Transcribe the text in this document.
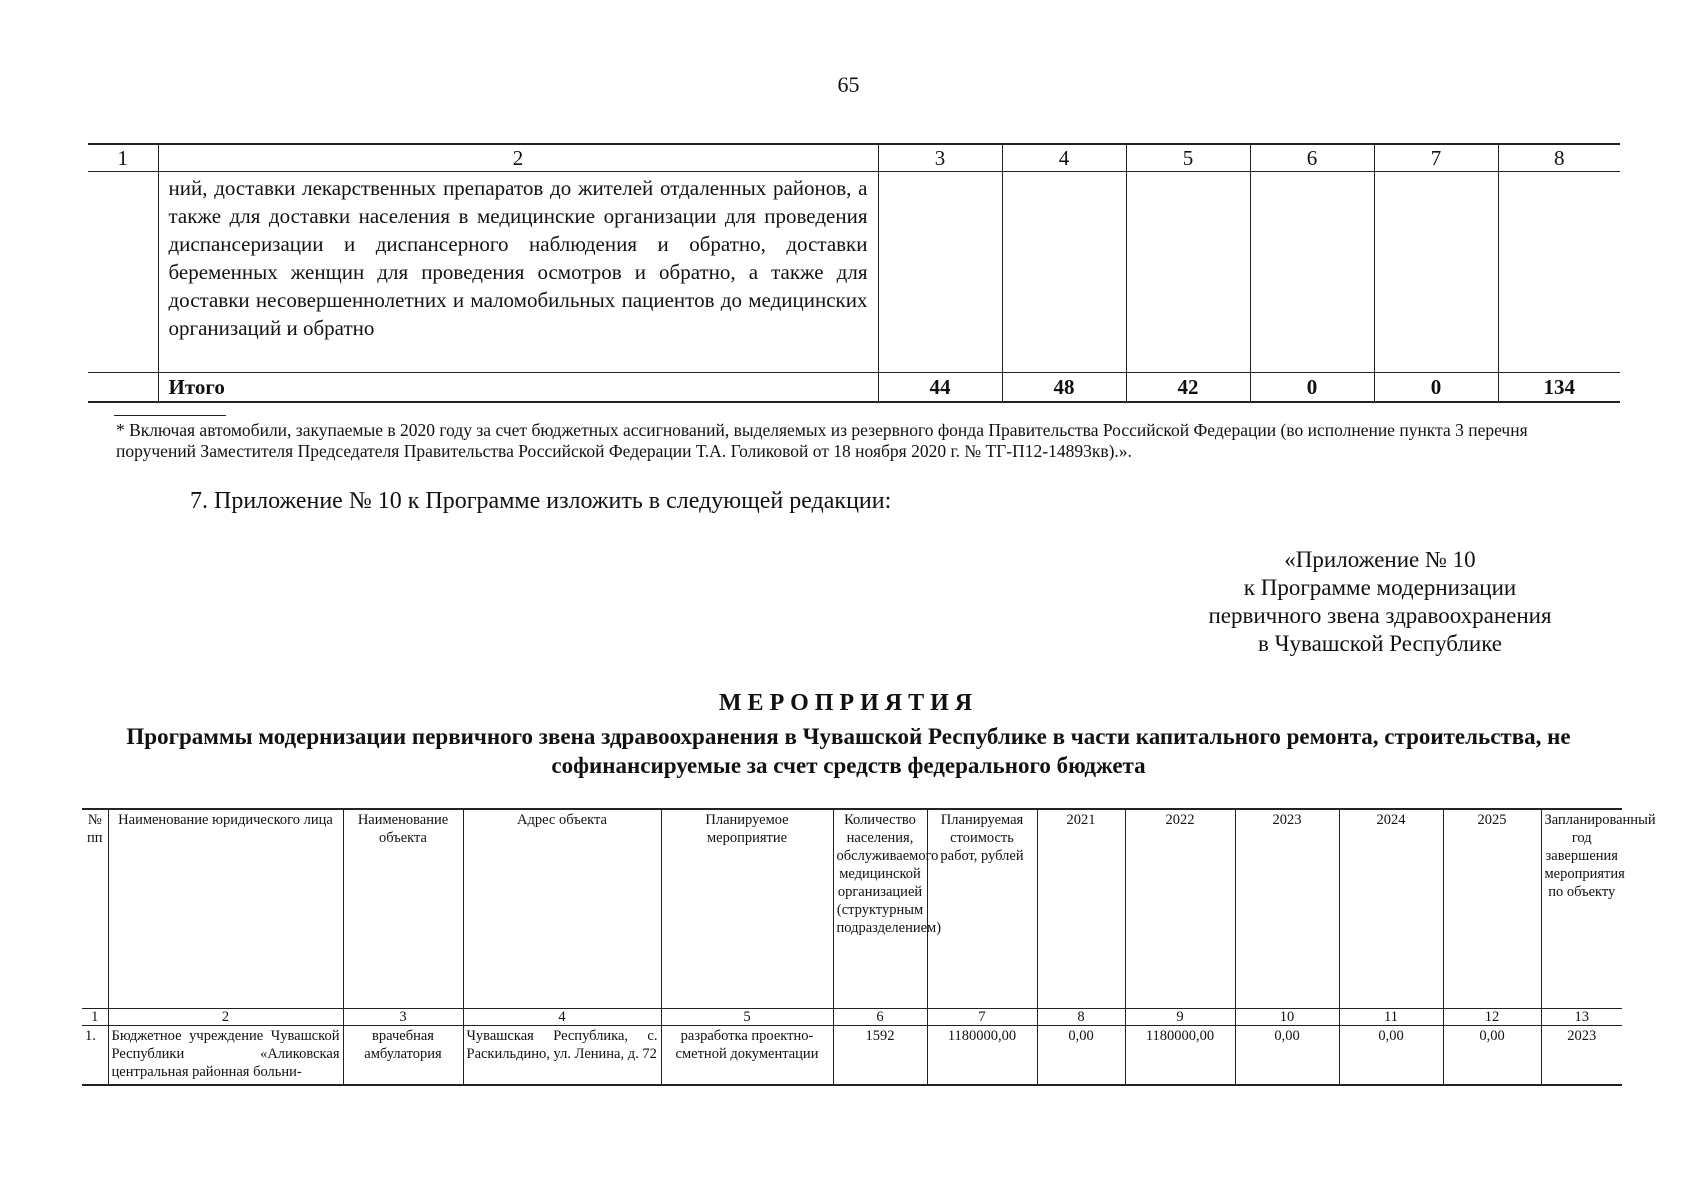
65
1	2	3	4	5	6	7	8
	ний, доставки лекарственных препаратов до жителей отдаленных районов, а также для доставки населения в медицинские организации для проведения диспансеризации и диспансерного наблюдения и обратно, доставки беременных женщин для проведения осмотров и обратно, а также для доставки несовершеннолетних и маломобильных пациентов до медицинских организаций и обратно						
	Итого	44	48	42	0	0	134
* Включая автомобили, закупаемые в 2020 году за счет бюджетных ассигнований, выделяемых из резервного фонда Правительства Российской Федерации (во исполнение пункта 3 перечня поручений Заместителя Председателя Правительства Российской Федерации Т.А. Голиковой от 18 ноября 2020 г. № ТГ-П12-14893кв).».
7. Приложение № 10 к Программе изложить в следующей редакции:
«Приложение № 10
к Программе модернизации
первичного звена здравоохранения
в Чувашской Республике
МЕРОПРИЯТИЯ
Программы модернизации первичного звена здравоохранения в Чувашской Республике в части капитального ремонта, строительства, не софинансируемые за счет средств федерального бюджета
№ пп	Наименование юридического лица	Наименование объекта	Адрес объекта	Планируемое мероприятие	Количество населения, обслуживаемого медицинской организацией (структурным подразделением)	Планируемая стоимость работ, рублей	2021	2022	2023	2024	2025	Запланированный год завершения мероприятия по объекту
1	2	3	4	5	6	7	8	9	10	11	12	13
1.	Бюджетное учреждение Чувашской Республики «Аликовская центральная районная больни-	врачебная амбулатория	Чувашская Республика, с. Раскильдино, ул. Ленина, д. 72	разработка проектно-сметной документации	1592	1180000,00	0,00	1180000,00	0,00	0,00	0,00	2023
